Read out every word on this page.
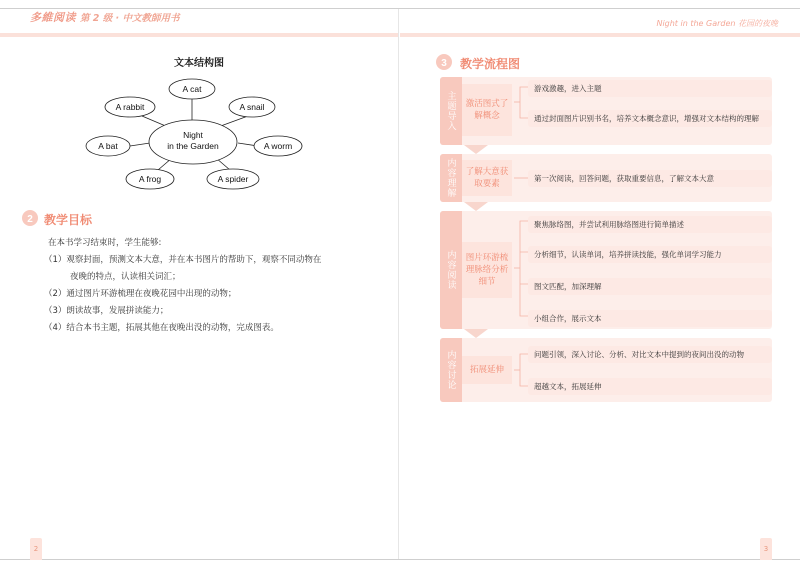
多維阅读 第 2 级 · 中文教師用书	Night in the Garden 花园的夜晚
文本结构图
Night
in the Garden
A cat
A rabbit	A snail
A bat	A worm
A frog	A spider
2 教学目标
在本书学习结束时，学生能够:
（1）观察封面，预测文本大意，并在本书图片的帮助下，观察不同动物在
夜晚的特点，认读相关词汇；
（2）通过图片环游梳理在夜晚花园中出现的动物；
（3）朗读故事，发展拼读能力；
（4）结合本书主题，拓展其他在夜晚出没的动物，完成图表。
3 教学流程图
主题导入	激活图式了解概念
游戏激趣，进入主题
通过封面图片识别书名，培养文本概念意识，增强对文本结构的理解
内容理解	了解大意获取要素
第一次阅读，回答问题，获取重要信息，了解文本大意
内容阅读	图片环游梳理脉络分析细节
聚焦脉络图，并尝试利用脉络图进行简单描述
分析细节，认读单词，培养拼读技能，强化单词学习能力
图文匹配，加深理解
小组合作，展示文本
内容讨论	拓展延伸
问题引领，深入讨论、分析、对比文本中提到的夜间出没的动物
超越文本，拓展延伸
2	3
